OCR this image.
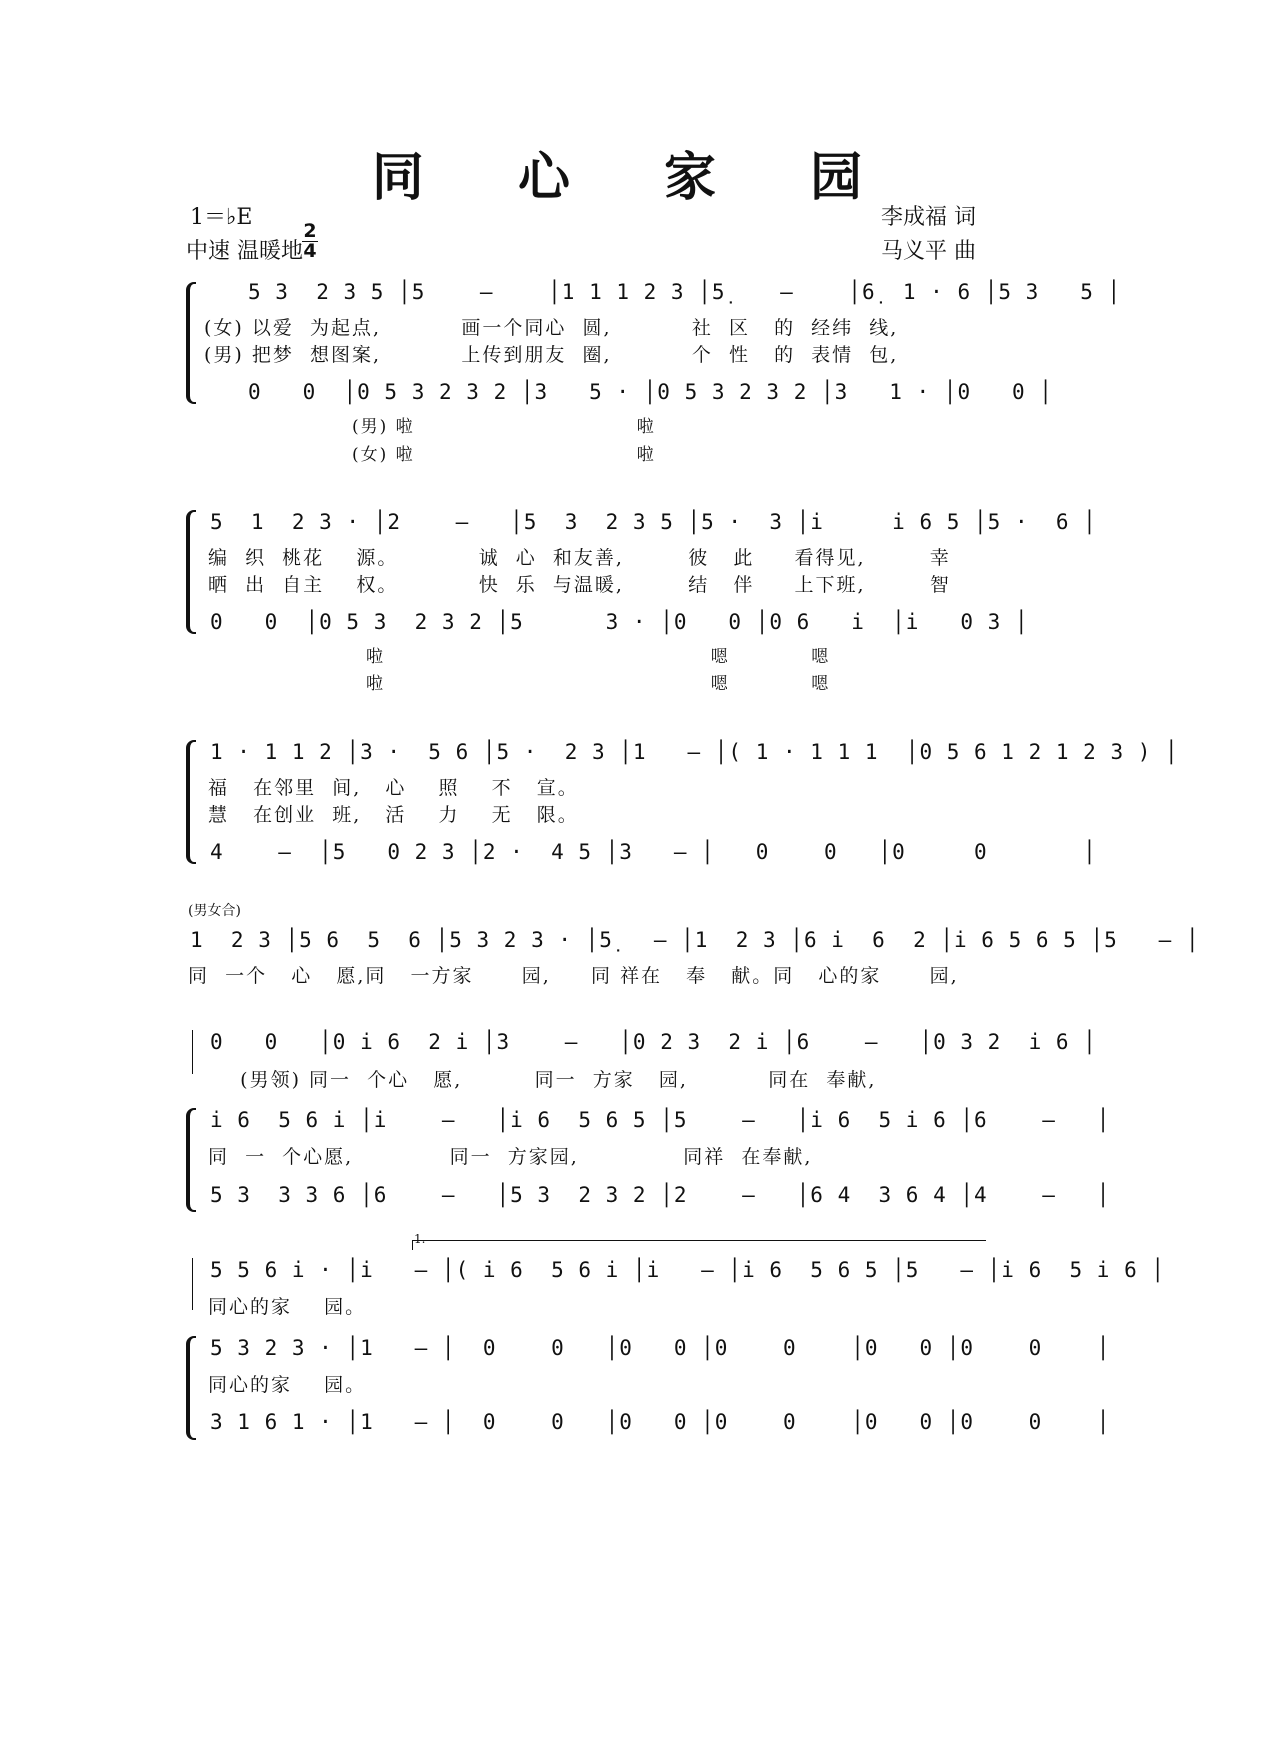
同 心 家 园
1＝♭E
2
4
中速 温暖地
李成福 词
马义平 曲
5 3  2 3 5 │5    –    │1 1 1 2 3 │5̣    –    │6̣  1 · 6 │5 3   5 │
(女) 以爱  为起点,          画一个同心  圆,          社  区   的  经纬  线,
(男) 把梦  想图案,          上传到朋友  圈,          个  性   的  表情  包,
0   0  │0 5 3 2 3 2 │3   5 · │0 5 3 2 3 2 │3   1 · │0   0 │
(男) 啦                              啦
(女) 啦                              啦
5  1  2 3 · │2    –   │5  3  2 3 5 │5 ·  3 │i     i 6 5 │5 ·  6 │
编  织  桃花    源。          诚  心  和友善,        彼   此     看得见,        幸
晒  出  自主    权。          快  乐  与温暖,        结   伴     上下班,        智
0   0  │0 5 3  2 3 2 │5      3 · │0   0 │0 6   i  │i   0 3 │
啦                                            嗯           嗯
啦                                            嗯           嗯
1 · 1 1 2 │3 ·  5 6 │5 ·  2 3 │1   – │( 1 · 1 1 1  │0 5 6 1 2 1 2 3 ) │
福   在邻里  间,   心    照    不   宣。
慧   在创业  班,   活    力    无   限。
4    –  │5   0 2 3 │2 ·  4 5 │3   – │   0    0   │0     0       │
(男女合)
1  2 3 │5 6  5  6 │5 3 2 3 · │5̣   – │1  2 3 │6 i  6  2 │i 6 5 6 5 │5   – │
同  一个   心   愿,同   一方家      园,     同 祥在   奉   献。同   心的家      园,
0   0   │0 i 6  2 i │3    –   │0 2 3  2 i │6    –   │0 3 2  i 6 │
(男领) 同一  个心   愿,         同一  方家   园,          同在  奉献,
i 6  5 6 i │i    –   │i 6  5 6 5 │5    –   │i 6  5 i 6 │6    –   │
同  一  个心愿,            同一  方家园,             同祥  在奉献,
5 3  3 3 6 │6    –   │5 3  2 3 2 │2    –   │6 4  3 6 4 │4    –   │
1.
5 5 6 i · │i   – │( i 6  5 6 i │i   – │i 6  5 6 5 │5   – │i 6  5 i 6 │
同心的家    园。
5 3 2 3 · │1   – │  0    0   │0   0 │0    0    │0   0 │0    0    │
同心的家    园。
3 1 6 1 · │1   – │  0    0   │0   0 │0    0    │0   0 │0    0    │
